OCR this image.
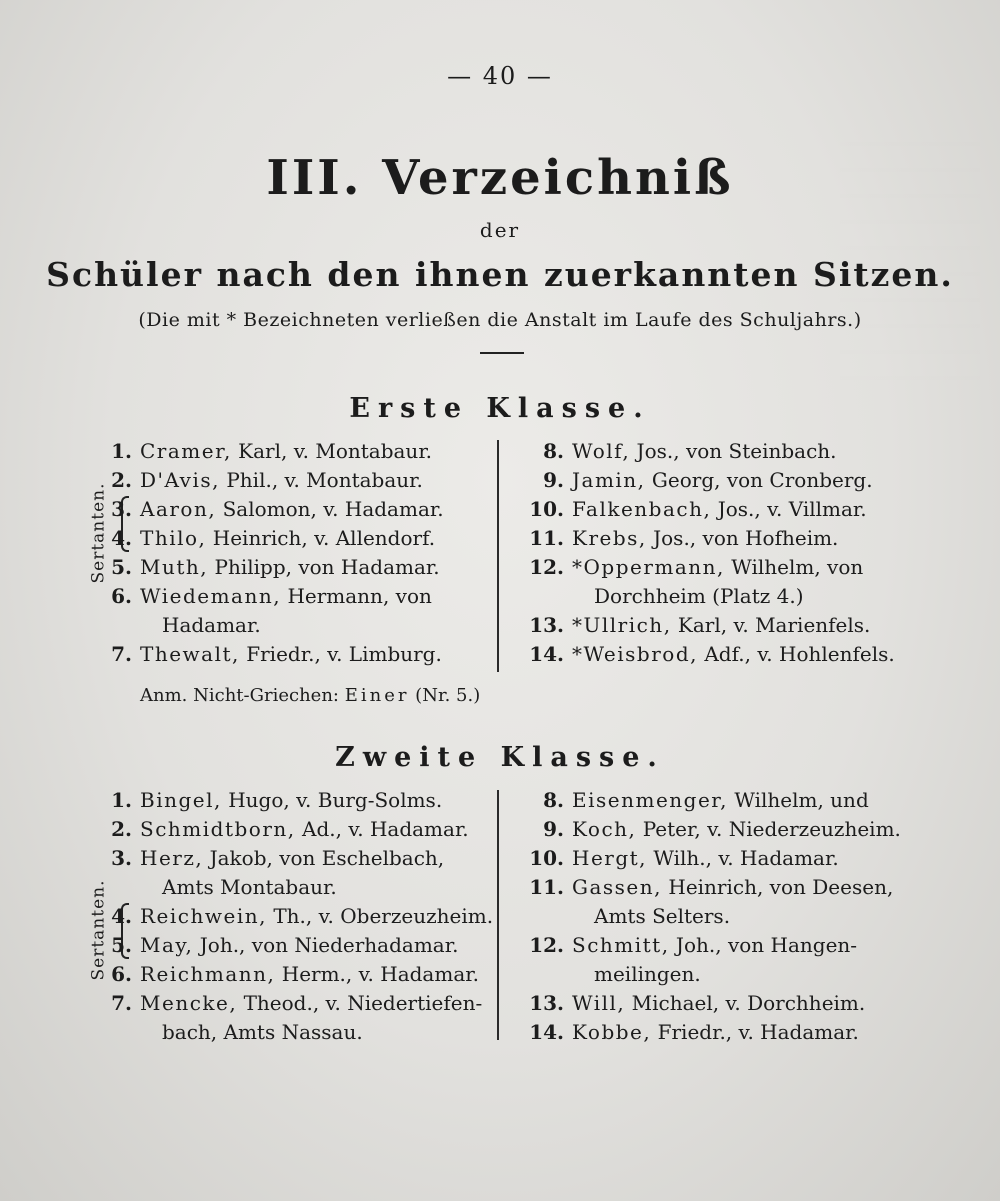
— 40 —
III. Verzeichniß
der
Schüler nach den ihnen zuerkannten Sitzen.
(Die mit * Bezeichneten verließen die Anstalt im Laufe des Schuljahrs.)
Erste Klasse.
Sertanten.
1. Cramer, Karl, v. Montabaur.
2. D'Avis, Phil., v. Montabaur.
3. Aaron, Salomon, v. Hadamar.
4. Thilo, Heinrich, v. Allendorf.
5. Muth, Philipp, von Hadamar.
6. Wiedemann, Hermann, von
Hadamar.
7. Thewalt, Friedr., v. Limburg.
8. Wolf, Jos., von Steinbach.
9. Jamin, Georg, von Cronberg.
10. Falkenbach, Jos., v. Villmar.
11. Krebs, Jos., von Hofheim.
12. *Oppermann, Wilhelm, von
Dorchheim (Platz 4.)
13. *Ullrich, Karl, v. Marienfels.
14. *Weisbrod, Adf., v. Hohlenfels.
Anm. Nicht-Griechen: Einer (Nr. 5.)
Zweite Klasse.
Sertanten.
1. Bingel, Hugo, v. Burg-Solms.
2. Schmidtborn, Ad., v. Hadamar.
3. Herz, Jakob, von Eschelbach,
Amts Montabaur.
4. Reichwein, Th., v. Oberzeuzheim.
5. May, Joh., von Niederhadamar.
6. Reichmann, Herm., v. Hadamar.
7. Mencke, Theod., v. Niedertiefen-
bach, Amts Nassau.
8. Eisenmenger, Wilhelm, und
9. Koch, Peter, v. Niederzeuzheim.
10. Hergt, Wilh., v. Hadamar.
11. Gassen, Heinrich, von Deesen,
Amts Selters.
12. Schmitt, Joh., von Hangen-
meilingen.
13. Will, Michael, v. Dorchheim.
14. Kobbe, Friedr., v. Hadamar.
